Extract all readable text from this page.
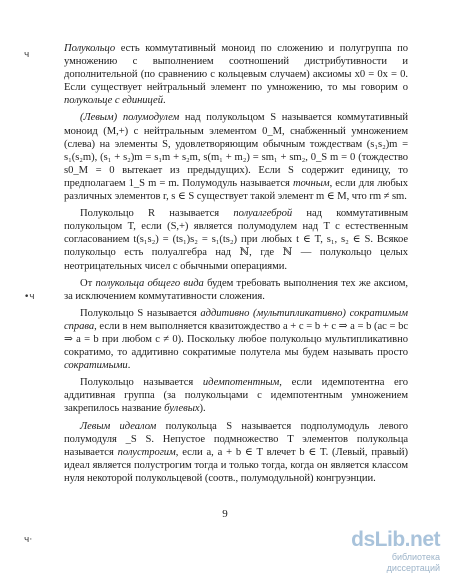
ч
•ч
ч·

Полукольцо есть коммутативный моноид по сложению и полугруппа по умножению с выполнением соотношений дистрибутивности и дополнительной (по сравнению с кольцевым случаем) аксиомы x0 = 0x = 0. Если существует нейтральный элемент по умножению, то мы говорим о полукольце с единицей.

(Левым) полумодулем над полукольцом S называется коммутативный моноид (M,+) с нейтральным элементом 0_M, снабженный умножением (слева) на элементы S, удовлетворяющим обычным тождествам (s₁s₂)m = s₁(s₂m), (s₁ + s₂)m = s₁m + s₂m, s(m₁ + m₂) = sm₁ + sm₂, 0_S m = 0 (тождество s0_M = 0 вытекает из предыдущих). Если S содержит единицу, то предполагаем 1_S m = m. Полумодуль называется точным, если для любых различных элементов r, s ∈ S существует такой элемент m ∈ M, что rm ≠ sm.

Полукольцо R называется полуалгеброй над коммутативным полукольцом T, если (S,+) является полумодулем над T с естественным согласованием t(s₁s₂) = (ts₁)s₂ = s₁(ts₂) при любых t ∈ T, s₁, s₂ ∈ S. Всякое полукольцо есть полуалгебра над ℕ, где ℕ — полукольцо целых неотрицательных чисел с обычными операциями.

От полукольца общего вида будем требовать выполнения тех же аксиом, за исключением коммутативности сложения.

Полукольцо S называется аддитивно (мультипликативно) сократимым справа, если в нем выполняется квазитождество a + c = b + c ⇒ a = b (ac = bc ⇒ a = b при любом c ≠ 0). Поскольку любое полукольцо мультипликативно сократимо, то аддитивно сократимые полутела мы будем называть просто сократимыми.

Полукольцо называется идемпотентным, если идемпотентна его аддитивная группа (за полукольцами с идемпотентным умножением закрепилось название булевых).

Левым идеалом полукольца S называется подполумодуль левого полумодуля _S S. Непустое подмножество T элементов полукольца называется полустрогим, если a, a + b ∈ T влечет b ∈ T. (Левый, правый) идеал является полустрогим тогда и только тогда, когда он является классом нуля некоторой полукольцевой (соотв., полумодульной) конгруэнции.

9
dsLib.net
библиотека диссертаций
